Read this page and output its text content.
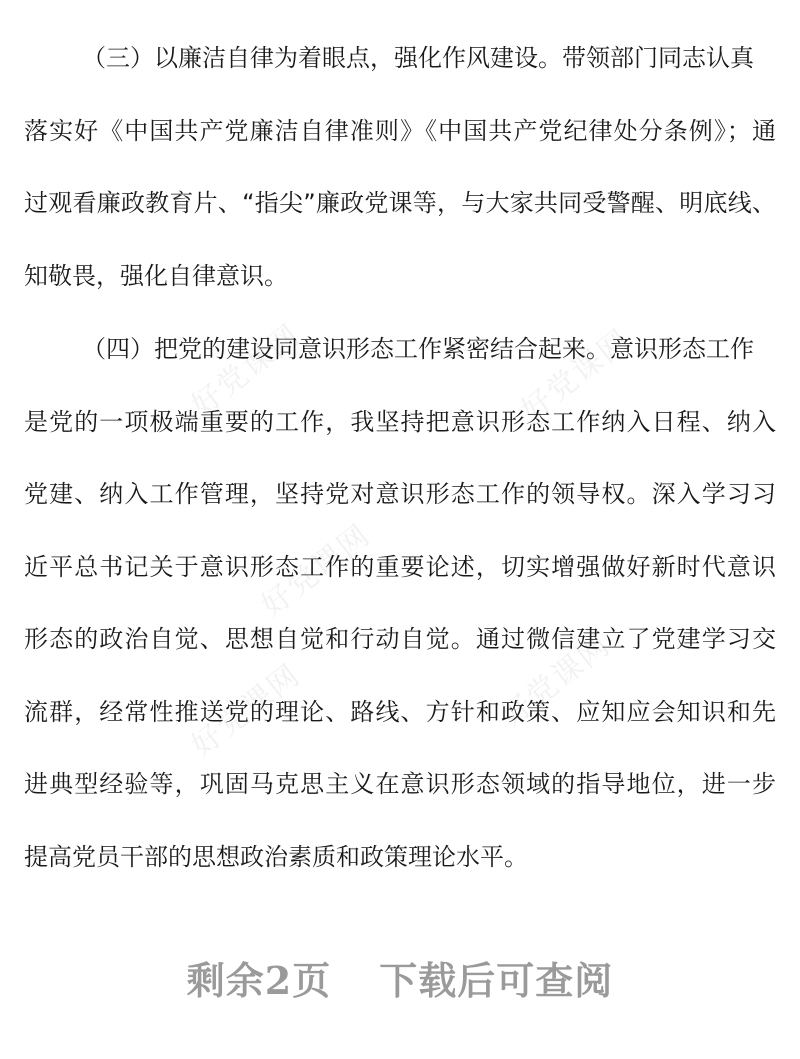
好党课网	好党课网
好党课网
好党课网	好党课网
（三）以廉洁自律为着眼点，强化作风建设。带领部门同志认真
落实好《中国共产党廉洁自律准则》《中国共产党纪律处分条例》；通
过观看廉政教育片、“指尖”廉政党课等，与大家共同受警醒、明底线、
知敬畏，强化自律意识。
（四）把党的建设同意识形态工作紧密结合起来。意识形态工作
是党的一项极端重要的工作，我坚持把意识形态工作纳入日程、纳入
党建、纳入工作管理，坚持党对意识形态工作的领导权。深入学习习
近平总书记关于意识形态工作的重要论述，切实增强做好新时代意识
形态的政治自觉、思想自觉和行动自觉。通过微信建立了党建学习交
流群，经常性推送党的理论、路线、方针和政策、应知应会知识和先
进典型经验等，巩固马克思主义在意识形态领域的指导地位，进一步
提高党员干部的思想政治素质和政策理论水平。
剩余2页 下载后可查阅
